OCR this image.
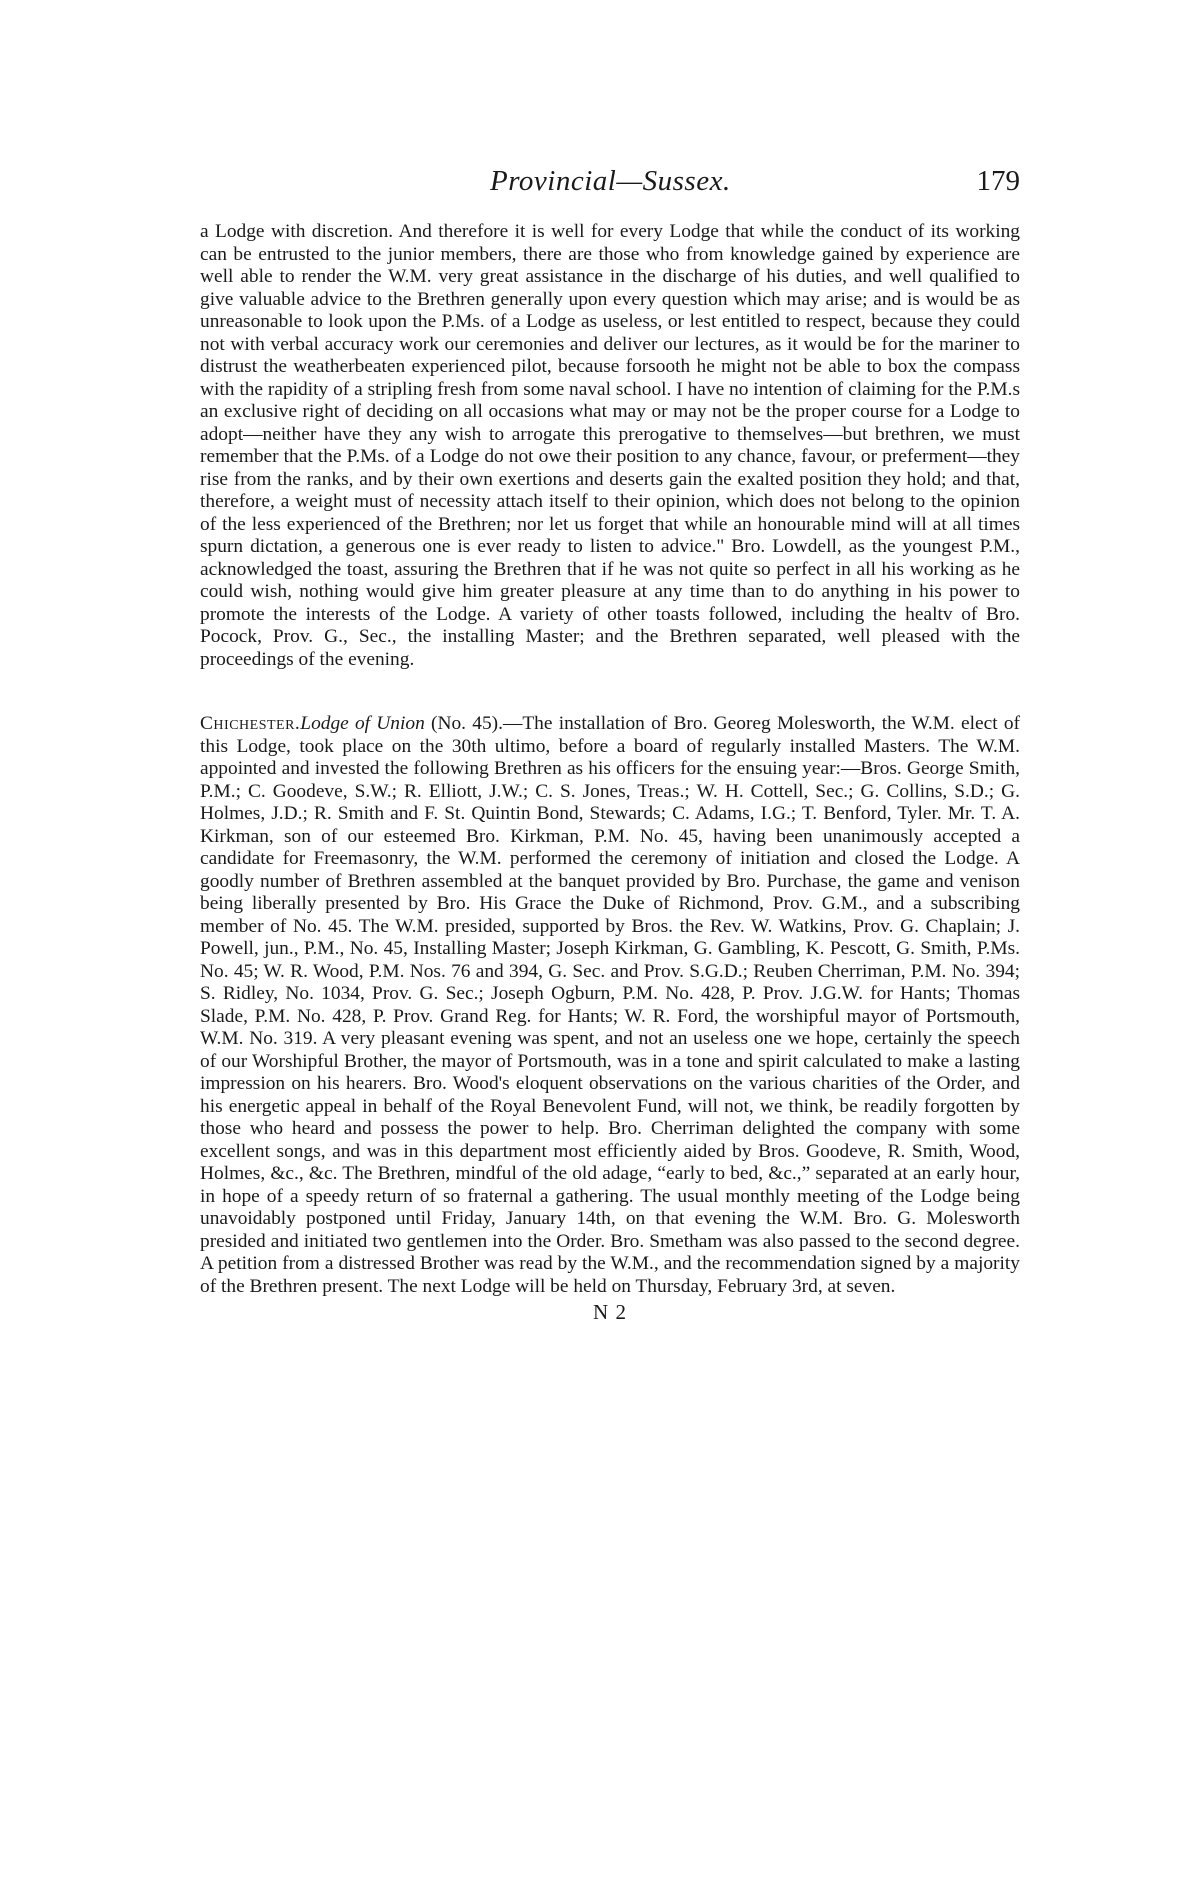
Provincial—Sussex.	179

a Lodge with discretion. And therefore it is well for every Lodge that while the conduct of its working can be entrusted to the junior members, there are those who from knowledge gained by experience are well able to render the W.M. very great assistance in the discharge of his duties, and well qualified to give valuable advice to the Brethren generally upon every question which may arise; and is would be as unreasonable to look upon the P.Ms. of a Lodge as useless, or lest entitled to respect, because they could not with verbal accuracy work our ceremonies and deliver our lectures, as it would be for the mariner to distrust the weatherbeaten experienced pilot, because forsooth he might not be able to box the compass with the rapidity of a stripling fresh from some naval school. I have no intention of claiming for the P.M.s an exclusive right of deciding on all occasions what may or may not be the proper course for a Lodge to adopt—neither have they any wish to arrogate this prerogative to themselves—but brethren, we must remember that the P.Ms. of a Lodge do not owe their position to any chance, favour, or preferment—they rise from the ranks, and by their own exertions and deserts gain the exalted position they hold; and that, therefore, a weight must of necessity attach itself to their opinion, which does not belong to the opinion of the less experienced of the Brethren; nor let us forget that while an honourable mind will at all times spurn dictation, a generous one is ever ready to listen to advice." Bro. Lowdell, as the youngest P.M., acknowledged the toast, assuring the Brethren that if he was not quite so perfect in all his working as he could wish, nothing would give him greater pleasure at any time than to do anything in his power to promote the interests of the Lodge. A variety of other toasts followed, including the healtv of Bro. Pocock, Prov. G., Sec., the installing Master; and the Brethren separated, well pleased with the proceedings of the evening.

Chichester.Lodge of Union (No. 45).—The installation of Bro. Georeg Molesworth, the W.M. elect of this Lodge, took place on the 30th ultimo, before a board of regularly installed Masters. The W.M. appointed and invested the following Brethren as his officers for the ensuing year:—Bros. George Smith, P.M.; C. Goodeve, S.W.; R. Elliott, J.W.; C. S. Jones, Treas.; W. H. Cottell, Sec.; G. Collins, S.D.; G. Holmes, J.D.; R. Smith and F. St. Quintin Bond, Stewards; C. Adams, I.G.; T. Benford, Tyler. Mr. T. A. Kirkman, son of our esteemed Bro. Kirkman, P.M. No. 45, having been unanimously accepted a candidate for Freemasonry, the W.M. performed the ceremony of initiation and closed the Lodge. A goodly number of Brethren assembled at the banquet provided by Bro. Purchase, the game and venison being liberally presented by Bro. His Grace the Duke of Richmond, Prov. G.M., and a subscribing member of No. 45. The W.M. presided, supported by Bros. the Rev. W. Watkins, Prov. G. Chaplain; J. Powell, jun., P.M., No. 45, Installing Master; Joseph Kirkman, G. Gambling, K. Pescott, G. Smith, P.Ms. No. 45; W. R. Wood, P.M. Nos. 76 and 394, G. Sec. and Prov. S.G.D.; Reuben Cherriman, P.M. No. 394; S. Ridley, No. 1034, Prov. G. Sec.; Joseph Ogburn, P.M. No. 428, P. Prov. J.G.W. for Hants; Thomas Slade, P.M. No. 428, P. Prov. Grand Reg. for Hants; W. R. Ford, the worshipful mayor of Portsmouth, W.M. No. 319. A very pleasant evening was spent, and not an useless one we hope, certainly the speech of our Worshipful Brother, the mayor of Portsmouth, was in a tone and spirit calculated to make a lasting impression on his hearers. Bro. Wood's eloquent observations on the various charities of the Order, and his energetic appeal in behalf of the Royal Benevolent Fund, will not, we think, be readily forgotten by those who heard and possess the power to help. Bro. Cherriman delighted the company with some excellent songs, and was in this department most efficiently aided by Bros. Goodeve, R. Smith, Wood, Holmes, &c., &c. The Brethren, mindful of the old adage, “early to bed, &c.,” separated at an early hour, in hope of a speedy return of so fraternal a gathering. The usual monthly meeting of the Lodge being unavoidably postponed until Friday, January 14th, on that evening the W.M. Bro. G. Molesworth presided and initiated two gentlemen into the Order. Bro. Smetham was also passed to the second degree. A petition from a distressed Brother was read by the W.M., and the recommendation signed by a majority of the Brethren present. The next Lodge will be held on Thursday, February 3rd, at seven.

N 2
